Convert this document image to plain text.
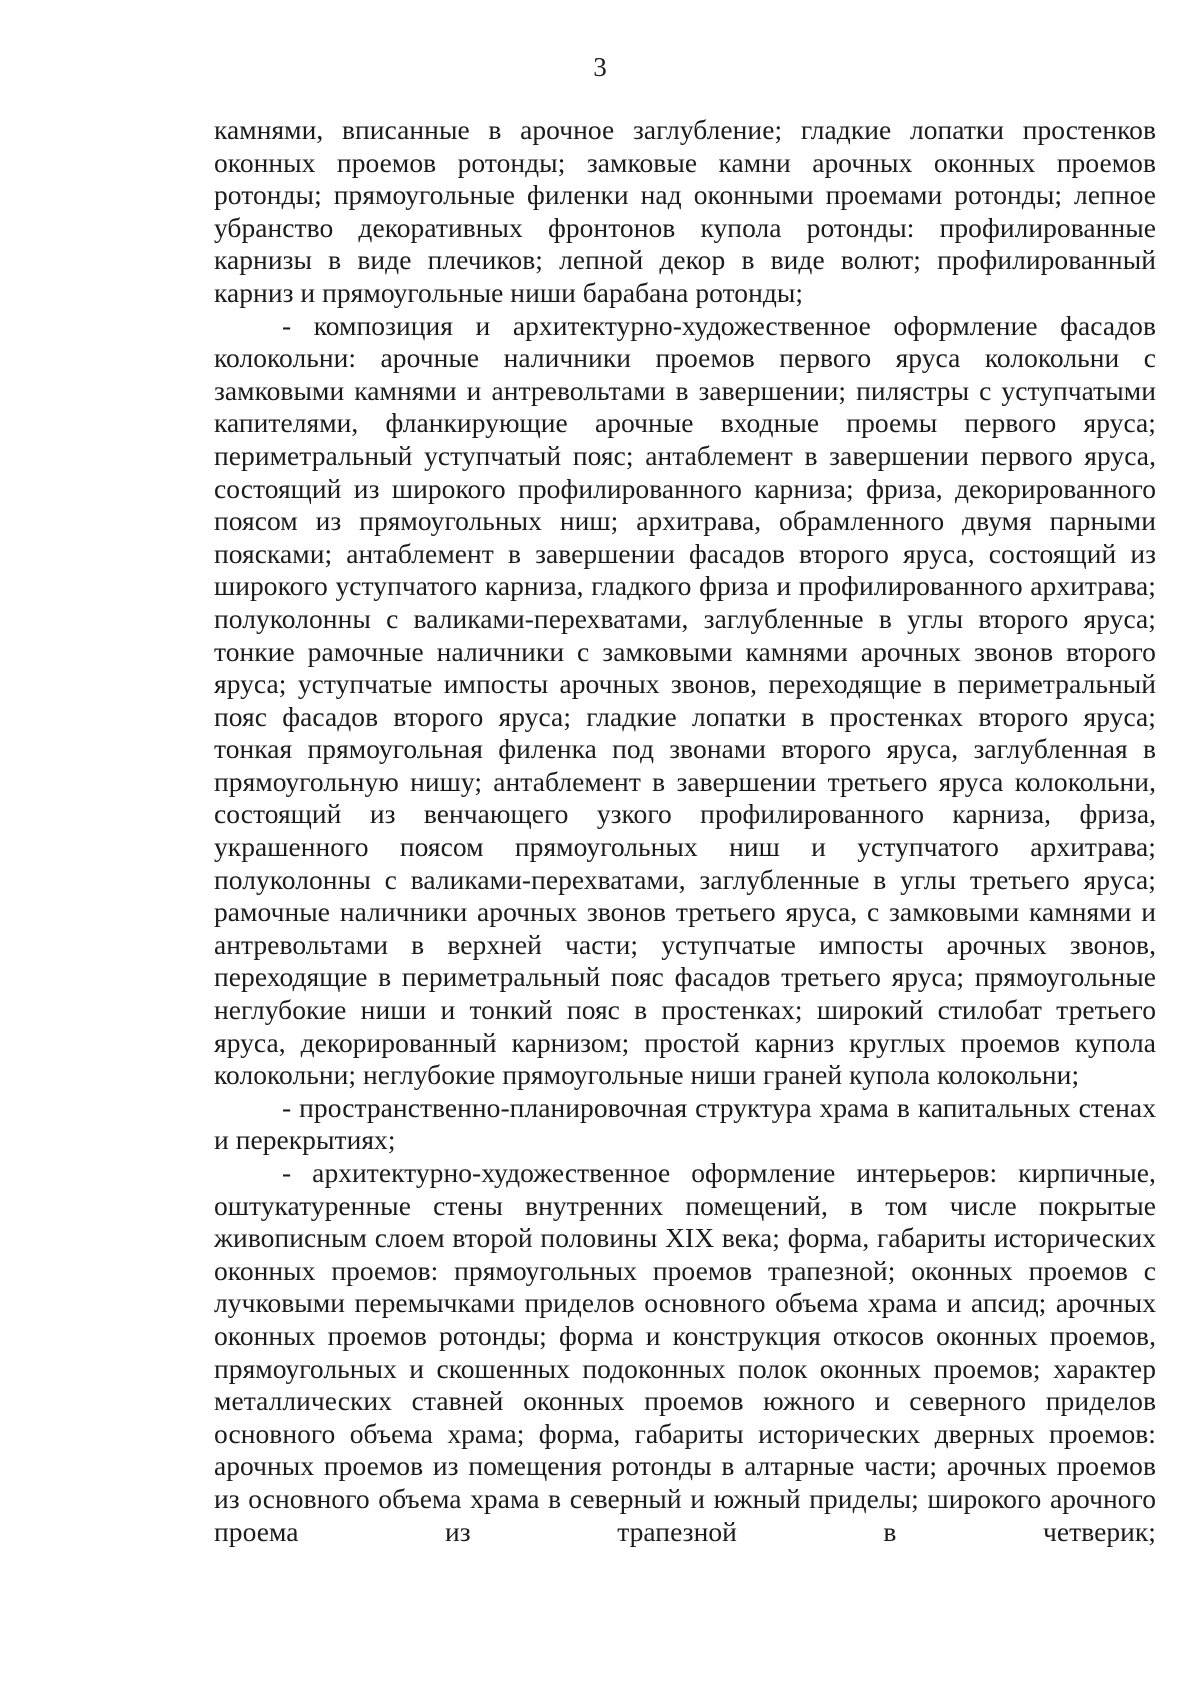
3

камнями, вписанные в арочное заглубление; гладкие лопатки простенков оконных проемов ротонды; замковые камни арочных оконных проемов ротонды; прямоугольные филенки над оконными проемами ротонды; лепное убранство декоративных фронтонов купола ротонды: профилированные карнизы в виде плечиков; лепной декор в виде волют; профилированный карниз и прямоугольные ниши барабана ротонды;

- композиция и архитектурно-художественное оформление фасадов колокольни: арочные наличники проемов первого яруса колокольни с замковыми камнями и антревольтами в завершении; пилястры с уступчатыми капителями, фланкирующие арочные входные проемы первого яруса; периметральный уступчатый пояс; антаблемент в завершении первого яруса, состоящий из широкого профилированного карниза; фриза, декорированного поясом из прямоугольных ниш; архитрава, обрамленного двумя парными поясками; антаблемент в завершении фасадов второго яруса, состоящий из широкого уступчатого карниза, гладкого фриза и профилированного архитрава; полуколонны с валиками-перехватами, заглубленные в углы второго яруса; тонкие рамочные наличники с замковыми камнями арочных звонов второго яруса; уступчатые импосты арочных звонов, переходящие в периметральный пояс фасадов второго яруса; гладкие лопатки в простенках второго яруса; тонкая прямоугольная филенка под звонами второго яруса, заглубленная в прямоугольную нишу; антаблемент в завершении третьего яруса колокольни, состоящий из венчающего узкого профилированного карниза, фриза, украшенного поясом прямоугольных ниш и уступчатого архитрава; полуколонны с валиками-перехватами, заглубленные в углы третьего яруса; рамочные наличники арочных звонов третьего яруса, с замковыми камнями и антревольтами в верхней части; уступчатые импосты арочных звонов, переходящие в периметральный пояс фасадов третьего яруса; прямоугольные неглубокие ниши и тонкий пояс в простенках; широкий стилобат третьего яруса, декорированный карнизом; простой карниз круглых проемов купола колокольни; неглубокие прямоугольные ниши граней купола колокольни;

- пространственно-планировочная структура храма в капитальных стенах и перекрытиях;

- архитектурно-художественное оформление интерьеров: кирпичные, оштукатуренные стены внутренних помещений, в том числе покрытые живописным слоем второй половины XIX века; форма, габариты исторических оконных проемов: прямоугольных проемов трапезной; оконных проемов с лучковыми перемычками приделов основного объема храма и апсид; арочных оконных проемов ротонды; форма и конструкция откосов оконных проемов, прямоугольных и скошенных подоконных полок оконных проемов; характер металлических ставней оконных проемов южного и северного приделов основного объема храма; форма, габариты исторических дверных проемов: арочных проемов из помещения ротонды в алтарные части; арочных проемов из основного объема храма в северный и южный приделы; широкого арочного проема из трапезной в четверик;
